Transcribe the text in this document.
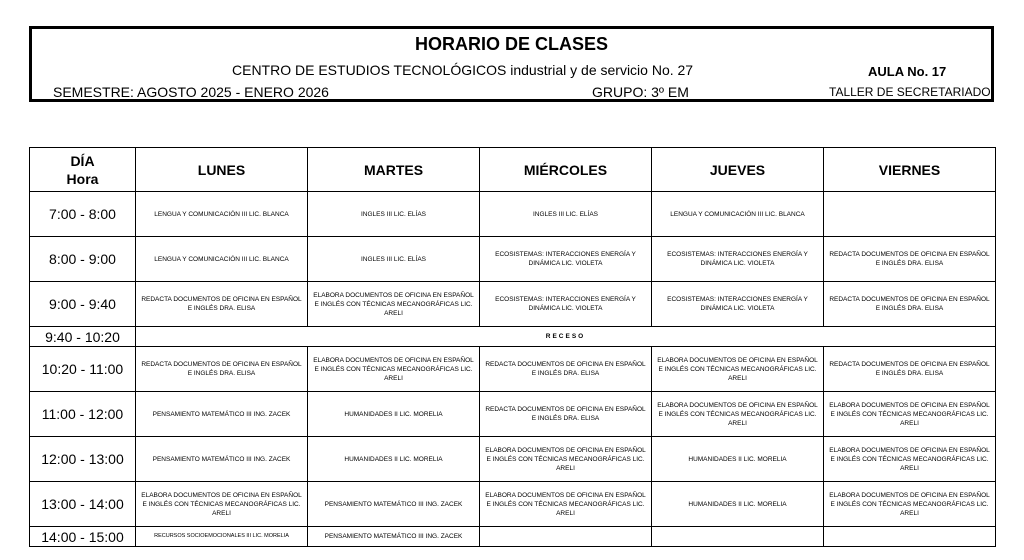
HORARIO DE CLASES
CENTRO DE ESTUDIOS TECNOLÓGICOS industrial y de servicio No. 27	AULA No. 17
SEMESTRE: AGOSTO 2025 - ENERO 2026	GRUPO: 3º EM	TALLER DE SECRETARIADO
DÍA
Hora	LUNES	MARTES	MIÉRCOLES	JUEVES	VIERNES
7:00 - 8:00	LENGUA Y COMUNICACIÓN III LIC. BLANCA	INGLES III LIC. ELÍAS	INGLES III LIC. ELÍAS	LENGUA Y COMUNICACIÓN III LIC. BLANCA	
8:00 - 9:00	LENGUA Y COMUNICACIÓN III LIC. BLANCA	INGLES III LIC. ELÍAS	ECOSISTEMAS: INTERACCIONES ENERGÍA Y DINÁMICA LIC. VIOLETA	ECOSISTEMAS: INTERACCIONES ENERGÍA Y DINÁMICA LIC. VIOLETA	REDACTA DOCUMENTOS DE OFICINA EN ESPAÑOL E INGLÉS DRA. ELISA
9:00 - 9:40	REDACTA DOCUMENTOS DE OFICINA EN ESPAÑOL E INGLÉS DRA. ELISA	ELABORA DOCUMENTOS DE OFICINA EN ESPAÑOL E INGLÉS CON TÉCNICAS MECANOGRÁFICAS LIC. ARELI	ECOSISTEMAS: INTERACCIONES ENERGÍA Y DINÁMICA LIC. VIOLETA	ECOSISTEMAS: INTERACCIONES ENERGÍA Y DINÁMICA LIC. VIOLETA	REDACTA DOCUMENTOS DE OFICINA EN ESPAÑOL E INGLÉS DRA. ELISA
9:40 - 10:20	RECESO				
10:20 - 11:00	REDACTA DOCUMENTOS DE OFICINA EN ESPAÑOL E INGLÉS DRA. ELISA	ELABORA DOCUMENTOS DE OFICINA EN ESPAÑOL E INGLÉS CON TÉCNICAS MECANOGRÁFICAS LIC. ARELI	REDACTA DOCUMENTOS DE OFICINA EN ESPAÑOL E INGLÉS DRA. ELISA	ELABORA DOCUMENTOS DE OFICINA EN ESPAÑOL E INGLÉS CON TÉCNICAS MECANOGRÁFICAS LIC. ARELI	REDACTA DOCUMENTOS DE OFICINA EN ESPAÑOL E INGLÉS DRA. ELISA
11:00 - 12:00	PENSAMIENTO MATEMÁTICO III ING. ZACEK	HUMANIDADES II LIC. MORELIA	REDACTA DOCUMENTOS DE OFICINA EN ESPAÑOL E INGLÉS DRA. ELISA	ELABORA DOCUMENTOS DE OFICINA EN ESPAÑOL E INGLÉS CON TÉCNICAS MECANOGRÁFICAS LIC. ARELI	ELABORA DOCUMENTOS DE OFICINA EN ESPAÑOL E INGLÉS CON TÉCNICAS MECANOGRÁFICAS LIC. ARELI
12:00 - 13:00	PENSAMIENTO MATEMÁTICO III ING. ZACEK	HUMANIDADES II LIC. MORELIA	ELABORA DOCUMENTOS DE OFICINA EN ESPAÑOL E INGLÉS CON TÉCNICAS MECANOGRÁFICAS LIC. ARELI	HUMANIDADES II LIC. MORELIA	ELABORA DOCUMENTOS DE OFICINA EN ESPAÑOL E INGLÉS CON TÉCNICAS MECANOGRÁFICAS LIC. ARELI
13:00 - 14:00	ELABORA DOCUMENTOS DE OFICINA EN ESPAÑOL E INGLÉS CON TÉCNICAS MECANOGRÁFICAS LIC. ARELI	PENSAMIENTO MATEMÁTICO III ING. ZACEK	ELABORA DOCUMENTOS DE OFICINA EN ESPAÑOL E INGLÉS CON TÉCNICAS MECANOGRÁFICAS LIC. ARELI	HUMANIDADES II LIC. MORELIA	ELABORA DOCUMENTOS DE OFICINA EN ESPAÑOL E INGLÉS CON TÉCNICAS MECANOGRÁFICAS LIC. ARELI
14:00 - 15:00	RECURSOS SOCIOEMOCIONALES III LIC. MORELIA	PENSAMIENTO MATEMÁTICO III ING. ZACEK			
